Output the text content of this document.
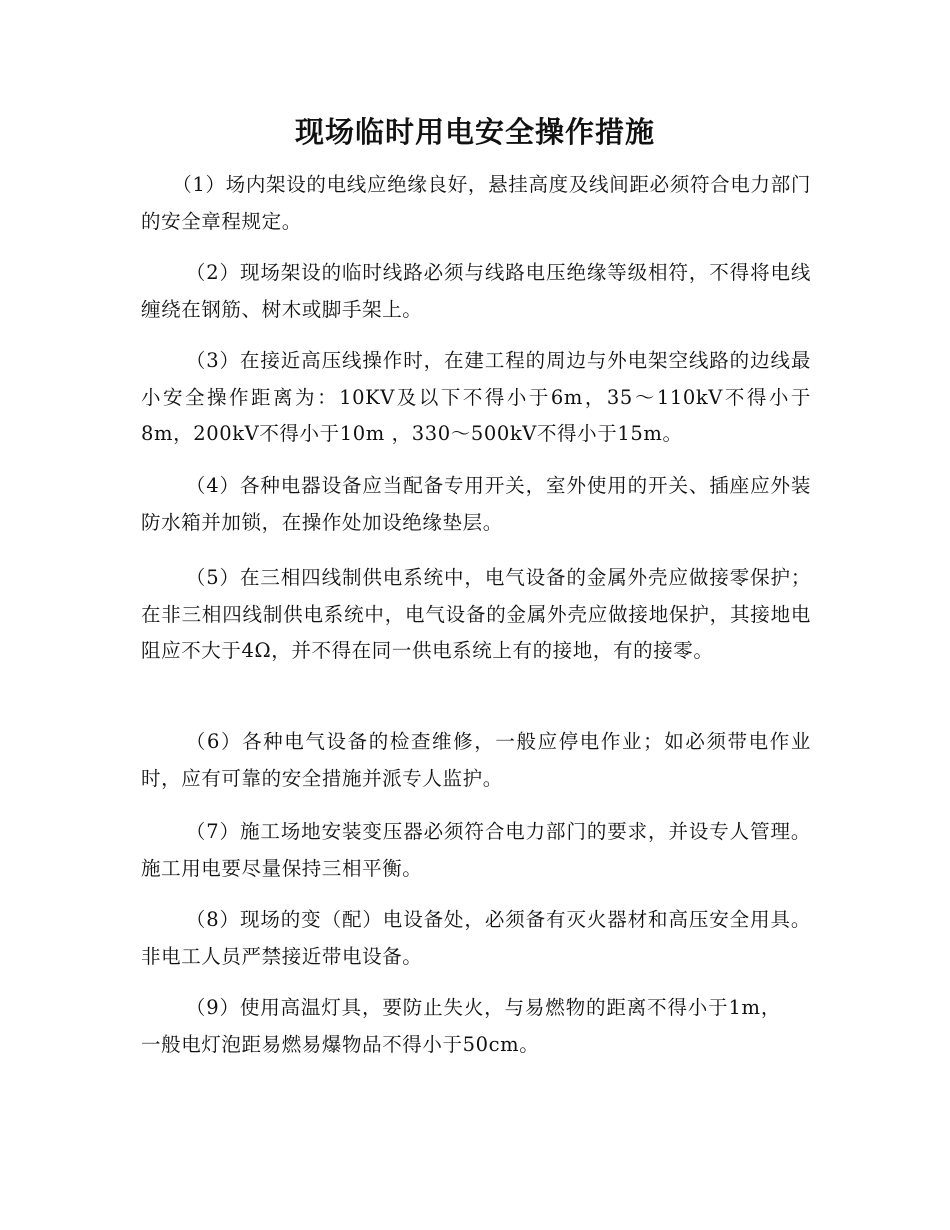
现场临时用电安全操作措施

（1）场内架设的电线应绝缘良好，悬挂高度及线间距必须符合电力部门的安全章程规定。

（2）现场架设的临时线路必须与线路电压绝缘等级相符，不得将电线缠绕在钢筋、树木或脚手架上。

（3）在接近高压线操作时，在建工程的周边与外电架空线路的边线最小安全操作距离为：10KV及以下不得小于6m，35～110kV不得小于8m，200kV不得小于10m ，330～500kV不得小于15m。

（4）各种电器设备应当配备专用开关，室外使用的开关、插座应外装防水箱并加锁，在操作处加设绝缘垫层。

（5）在三相四线制供电系统中，电气设备的金属外壳应做接零保护；在非三相四线制供电系统中，电气设备的金属外壳应做接地保护，其接地电阻应不大于4Ω，并不得在同一供电系统上有的接地，有的接零。

（6）各种电气设备的检查维修，一般应停电作业；如必须带电作业时，应有可靠的安全措施并派专人监护。

（7）施工场地安装变压器必须符合电力部门的要求，并设专人管理。施工用电要尽量保持三相平衡。

（8）现场的变（配）电设备处，必须备有灭火器材和高压安全用具。非电工人员严禁接近带电设备。

（9）使用高温灯具，要防止失火，与易燃物的距离不得小于1m，一般电灯泡距易燃易爆物品不得小于50cm。
